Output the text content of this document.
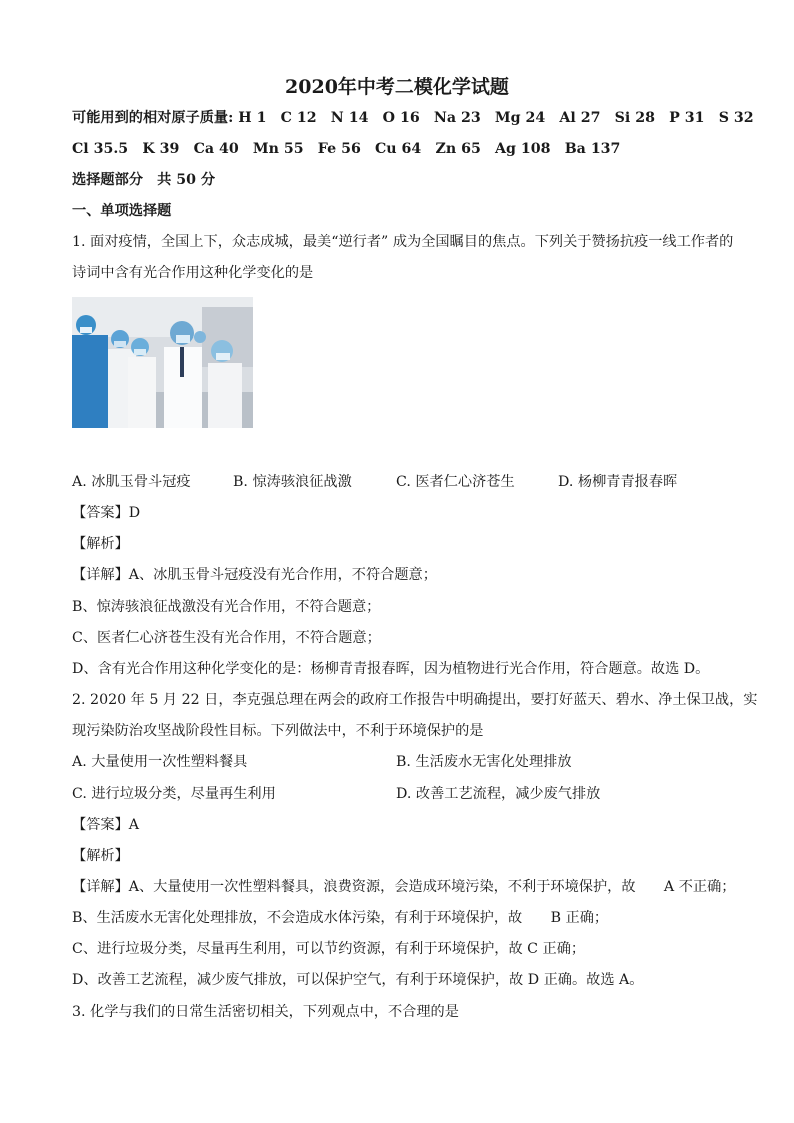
2020年中考二模化学试题
可能用到的相对原子质量: H 1　C 12　N 14　O 16　Na 23　Mg 24　Al 27　Si 28　P 31　S 32
Cl 35.5　K 39　Ca 40　Mn 55　Fe 56　Cu 64　Zn 65　Ag 108　Ba 137
选择题部分　共 50 分
一、单项选择题
1. 面对疫情，全国上下，众志成城，最美“逆行者” 成为全国瞩目的焦点。下列关于赞扬抗疫一线工作者的
诗词中含有光合作用这种化学变化的是
A. 冰肌玉骨斗冠疫	B. 惊涛骇浪征战激	C. 医者仁心济苍生	D. 杨柳青青报春晖
【答案】D
【解析】
【详解】A、冰肌玉骨斗冠疫没有光合作用，不符合题意；
B、惊涛骇浪征战激没有光合作用，不符合题意；
C、医者仁心济苍生没有光合作用，不符合题意；
D、含有光合作用这种化学变化的是：杨柳青青报春晖，因为植物进行光合作用，符合题意。故选 D。
2. 2020 年 5 月 22 日，李克强总理在两会的政府工作报告中明确提出，要打好蓝天、碧水、净土保卫战，实
现污染防治攻坚战阶段性目标。下列做法中，不利于环境保护的是
A. 大量使用一次性塑料餐具	B. 生活废水无害化处理排放
C. 进行垃圾分类，尽量再生利用	D. 改善工艺流程，减少废气排放
【答案】A
【解析】
【详解】A、大量使用一次性塑料餐具，浪费资源，会造成环境污染，不利于环境保护，故　　A 不正确；
B、生活废水无害化处理排放，不会造成水体污染，有利于环境保护，故　　B 正确；
C、进行垃圾分类，尽量再生利用，可以节约资源，有利于环境保护，故 C 正确；
D、改善工艺流程，减少废气排放，可以保护空气，有利于环境保护，故 D 正确。故选 A。
3. 化学与我们的日常生活密切相关，下列观点中，不合理的是
